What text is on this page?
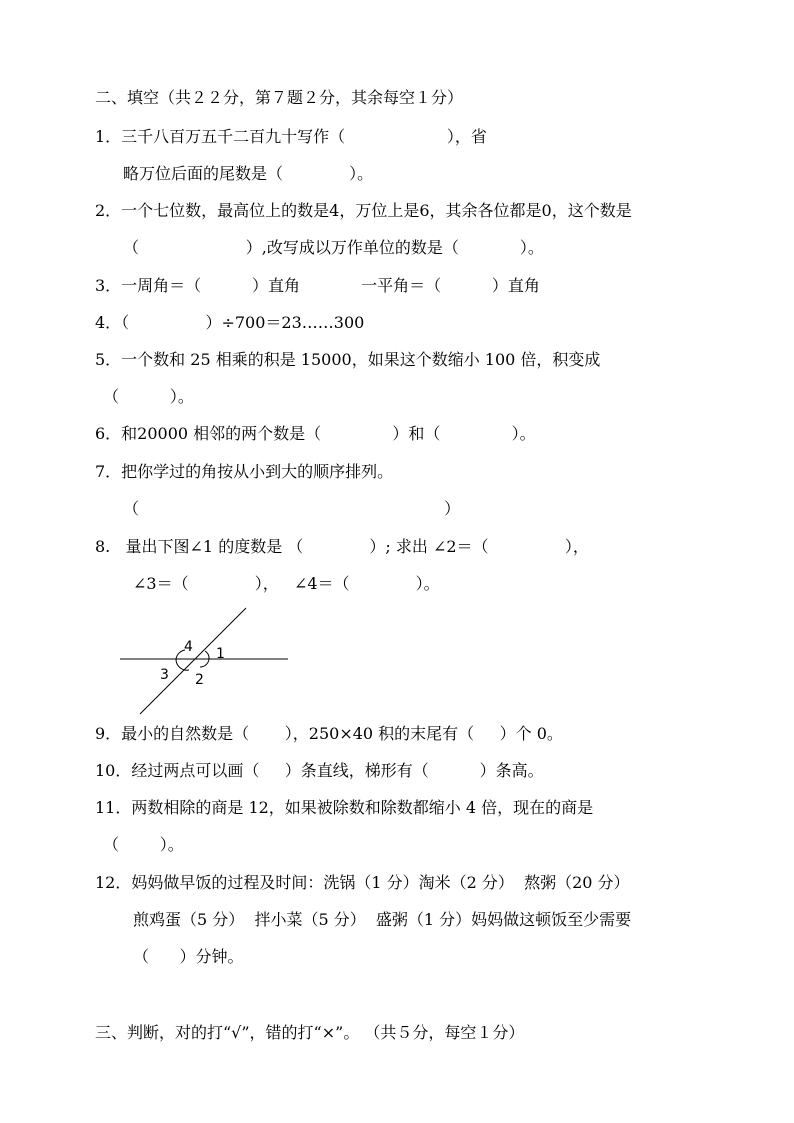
二、填空（共２２分，第７题２分，其余每空１分）
1．三千八百万五千二百九十写作（                    ），省
略万位后面的尾数是（             ）。
2．一个七位数，最高位上的数是4，万位上是6，其余各位都是0，这个数是
（                     ）,改写成以万作单位的数是（            ）。
3．一周角＝（          ）直角            一平角＝（          ）直角
4．（               ）÷700＝23……300
5．一个数和 25 相乘的积是 15000，如果这个数缩小 100 倍，积变成
（          ）。
6．和20000 相邻的两个数是（              ）和（              ）。
7．把你学过的角按从小到大的顺序排列。
（                                                            ）
8.   量出下图∠1 的度数是 （             ）; 求出 ∠2＝（               ），
∠3＝（             ），   ∠4＝（             ）。
1
2
3
4
9．最小的自然数是（       ），250×40 积的末尾有（     ）个 0。
10．经过两点可以画（     ）条直线，梯形有（          ）条高。
11．两数相除的商是 12，如果被除数和除数都缩小 4 倍，现在的商是
（        ）。
12．妈妈做早饭的过程及时间：洗锅（1 分）淘米（2 分）  熬粥（20 分）
煎鸡蛋（5 分）  拌小菜（5 分）  盛粥（1 分）妈妈做这顿饭至少需要
（      ）分钟。
三、判断，对的打“√”，错的打“×”。 （共５分，每空１分）
